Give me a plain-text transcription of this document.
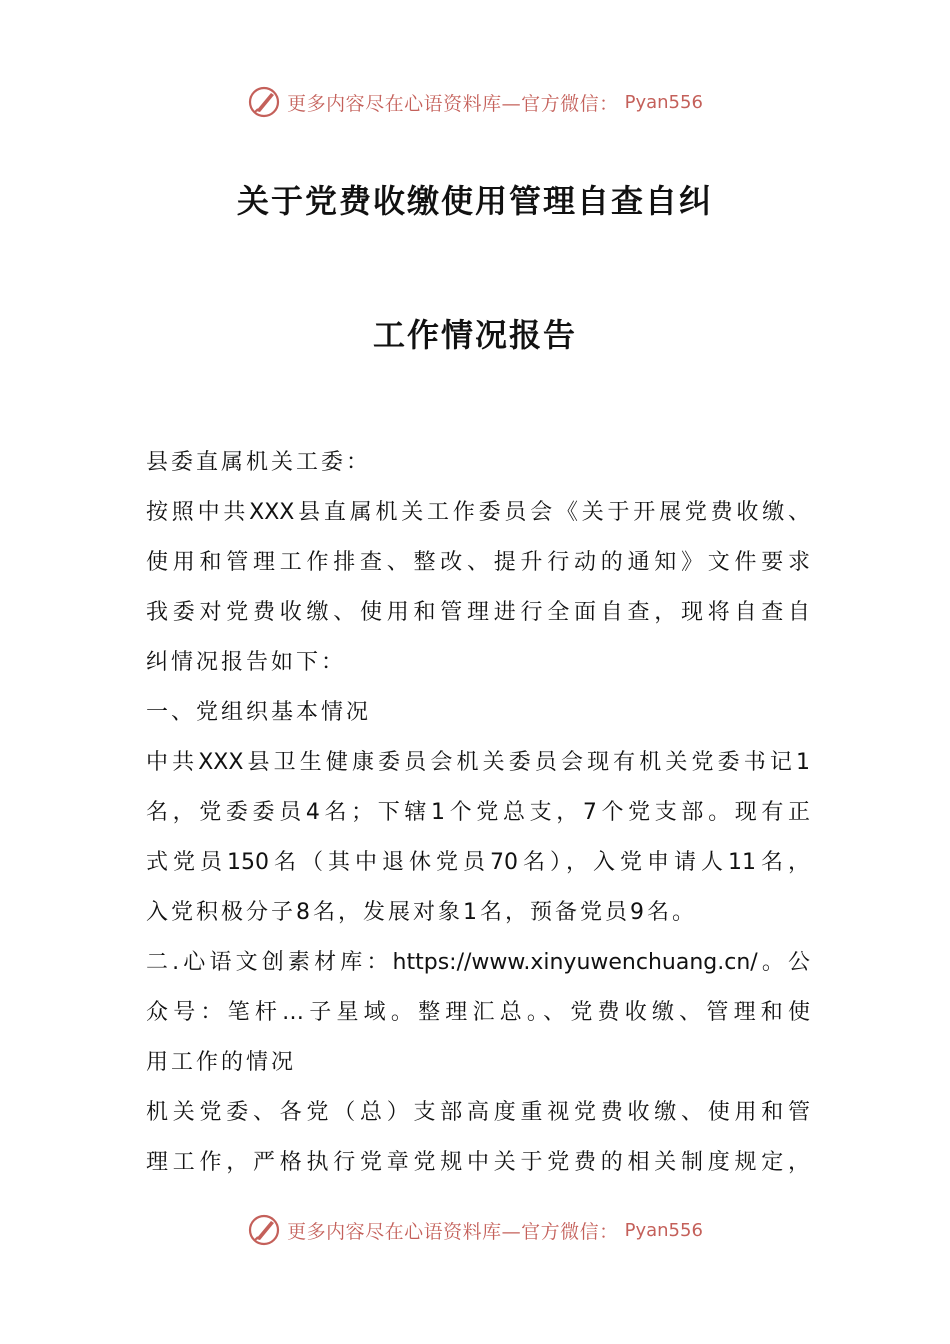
更多内容尽在心语资料库—官方微信： Pyan556
关于党费收缴使用管理自查自纠
工作情况报告
县委直属机关工委：
按照中共XXX县直属机关工作委员会《关于开展党费收缴、
使用和管理工作排查、整改、提升行动的通知》文件要求
我委对党费收缴、使用和管理进行全面自查，现将自查自
纠情况报告如下：
一、党组织基本情况
中共XXX县卫生健康委员会机关委员会现有机关党委书记1
名，党委委员4名；下辖1个党总支，7个党支部。现有正
式党员150名（其中退休党员70名），入党申请人11名，
入党积极分子8名，发展对象1名，预备党员9名。
二.心语文创素材库：https://www.xinyuwenchuang.cn/。公
众号：笔杆…子星域。整理汇总。、党费收缴、管理和使
用工作的情况
机关党委、各党（总）支部高度重视党费收缴、使用和管
理工作，严格执行党章党规中关于党费的相关制度规定，
更多内容尽在心语资料库—官方微信： Pyan556
